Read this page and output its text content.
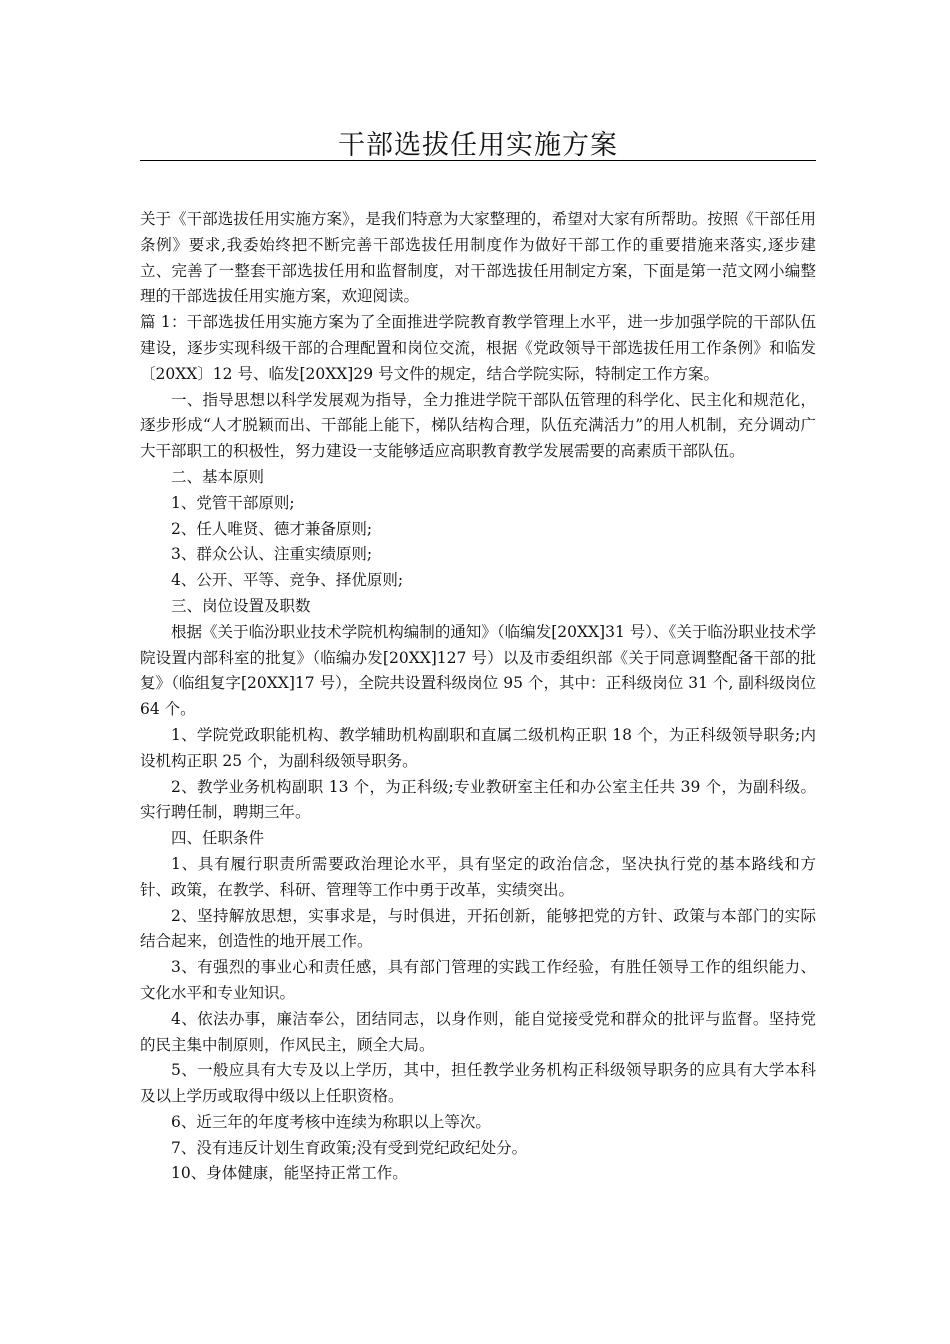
干部选拔任用实施方案

关于《干部选拔任用实施方案》，是我们特意为大家整理的，希望对大家有所帮助。按照《干部任用条例》要求,我委始终把不断完善干部选拔任用制度作为做好干部工作的重要措施来落实,逐步建立、完善了一整套干部选拔任用和监督制度，对干部选拔任用制定方案，下面是第一范文网小编整理的干部选拔任用实施方案，欢迎阅读。

篇 1：干部选拔任用实施方案为了全面推进学院教育教学管理上水平，进一步加强学院的干部队伍建设，逐步实现科级干部的合理配置和岗位交流，根据《党政领导干部选拔任用工作条例》和临发〔20XX〕12 号、临发[20XX]29 号文件的规定，结合学院实际，特制定工作方案。

一、指导思想以科学发展观为指导，全力推进学院干部队伍管理的科学化、民主化和规范化，逐步形成“人才脱颖而出、干部能上能下，梯队结构合理，队伍充满活力”的用人机制，充分调动广大干部职工的积极性，努力建设一支能够适应高职教育教学发展需要的高素质干部队伍。

二、基本原则

1、党管干部原则;

2、任人唯贤、德才兼备原则;

3、群众公认、注重实绩原则;

4、公开、平等、竞争、择优原则;

三、岗位设置及职数

根据《关于临汾职业技术学院机构编制的通知》（临编发[20XX]31 号）、《关于临汾职业技术学院设置内部科室的批复》（临编办发[20XX]127 号）以及市委组织部《关于同意调整配备干部的批复》（临组复字[20XX]17 号），全院共设置科级岗位 95 个，其中：正科级岗位 31 个, 副科级岗位 64 个。

1、学院党政职能机构、教学辅助机构副职和直属二级机构正职 18 个，为正科级领导职务;内设机构正职 25 个，为副科级领导职务。

2、教学业务机构副职 13 个，为正科级;专业教研室主任和办公室主任共 39 个，为副科级。实行聘任制，聘期三年。

四、任职条件

1、具有履行职责所需要政治理论水平，具有坚定的政治信念，坚决执行党的基本路线和方针、政策，在教学、科研、管理等工作中勇于改革，实绩突出。

2、坚持解放思想，实事求是，与时俱进，开拓创新，能够把党的方针、政策与本部门的实际结合起来，创造性的地开展工作。

3、有强烈的事业心和责任感，具有部门管理的实践工作经验，有胜任领导工作的组织能力、文化水平和专业知识。

4、依法办事，廉洁奉公，团结同志，以身作则，能自觉接受党和群众的批评与监督。坚持党的民主集中制原则，作风民主，顾全大局。

5、一般应具有大专及以上学历，其中，担任教学业务机构正科级领导职务的应具有大学本科及以上学历或取得中级以上任职资格。

6、近三年的年度考核中连续为称职以上等次。

7、没有违反计划生育政策;没有受到党纪政纪处分。

10、身体健康，能坚持正常工作。
